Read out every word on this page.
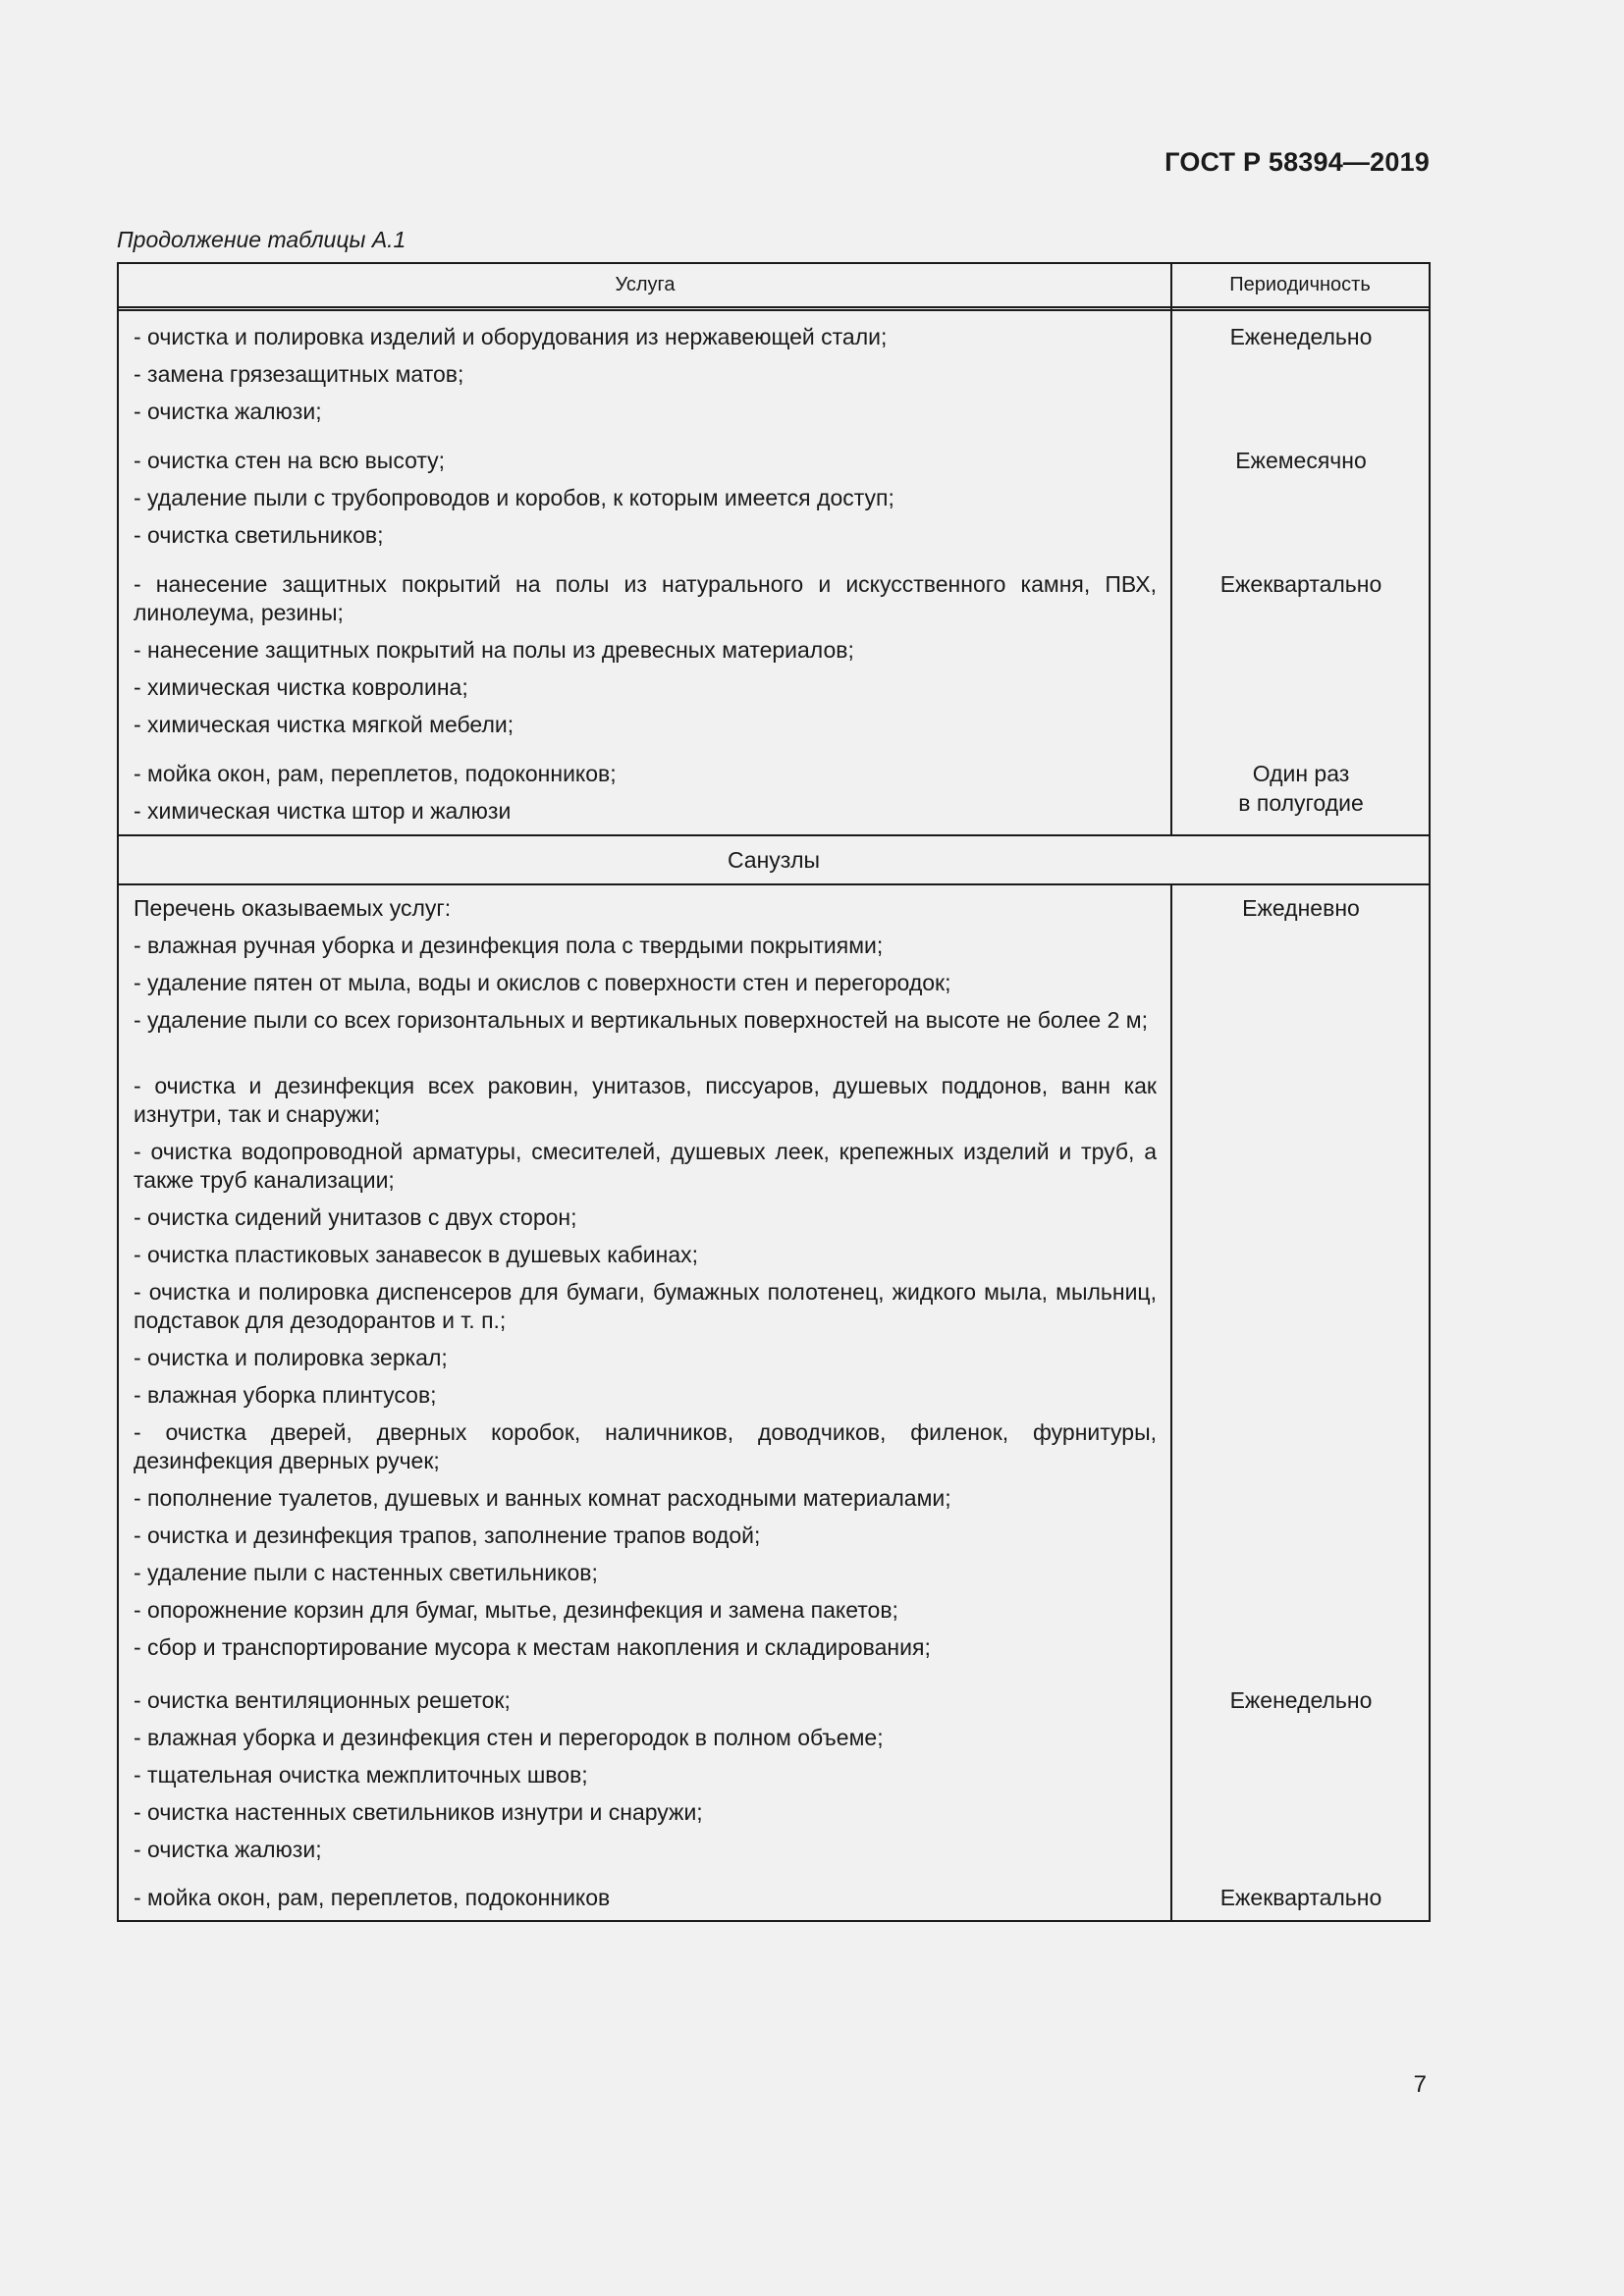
ГОСТ Р 58394—2019
Продолжение таблицы А.1
Услуга	Периодичность
- очистка и полировка изделий и оборудования из нержавеющей стали;
- замена грязезащитных матов;
- очистка жалюзи;
- очистка стен на всю высоту;
- удаление пыли с трубопроводов и коробов, к которым имеется доступ;
- очистка светильников;
- нанесение защитных покрытий на полы из натурального и искусственного камня, ПВХ, линолеума, резины;
- нанесение защитных покрытий на полы из древесных материалов;
- химическая чистка ковролина;
- химическая чистка мягкой мебели;
- мойка окон, рам, переплетов, подоконников;
- химическая чистка штор и жалюзи
Еженедельно
Ежемесячно
Ежеквартально
Один раз
в полугодие
Санузлы
Перечень оказываемых услуг:
- влажная ручная уборка и дезинфекция пола с твердыми покрытиями;
- удаление пятен от мыла, воды и окислов с поверхности стен и перегородок;
- удаление пыли со всех горизонтальных и вертикальных поверхностей на высоте не более 2 м;
- очистка и дезинфекция всех раковин, унитазов, писсуаров, душевых поддонов, ванн как изнутри, так и снаружи;
- очистка водопроводной арматуры, смесителей, душевых леек, крепежных изделий и труб, а также труб канализации;
- очистка сидений унитазов с двух сторон;
- очистка пластиковых занавесок в душевых кабинах;
- очистка и полировка диспенсеров для бумаги, бумажных полотенец, жидкого мыла, мыльниц, подставок для дезодорантов и т. п.;
- очистка и полировка зеркал;
- влажная уборка плинтусов;
- очистка дверей, дверных коробок, наличников, доводчиков, филенок, фурнитуры, дезинфекция дверных ручек;
- пополнение туалетов, душевых и ванных комнат расходными материалами;
- очистка и дезинфекция трапов, заполнение трапов водой;
- удаление пыли с настенных светильников;
- опорожнение корзин для бумаг, мытье, дезинфекция и замена пакетов;
- сбор и транспортирование мусора к местам накопления и складирования;
- очистка вентиляционных решеток;
- влажная уборка и дезинфекция стен и перегородок в полном объеме;
- тщательная очистка межплиточных швов;
- очистка настенных светильников изнутри и снаружи;
- очистка жалюзи;
- мойка окон, рам, переплетов, подоконников
Ежедневно
Еженедельно
Ежеквартально
7
